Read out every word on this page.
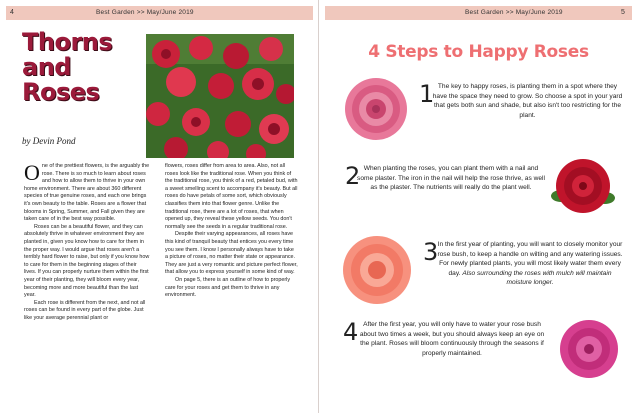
4	Best Garden >> May/June 2019
Thorns
and
Roses
by Devin Pond

One of the prettiest flowers, is the arguably the rose. There is so much to learn about roses and how to allow them to thrive in your own home environment. There are about 360 different species of true genuine roses, and each one brings it's own beauty to the table. Roses are a flower that blooms in Spring, Summer, and Fall given they are taken care of in the best way possible.

Roses can be a beautiful flower, and they can absolutely thrive in whatever environment they are planted in, given you know how to care for them in the proper way. I would argue that roses aren't a terribly hard flower to raise, but only if you know how to care for them in the beginning stages of their lives. If you can properly nurture them within the first year of their planting, they will bloom every year, becoming more and more beautiful than the last year.

Each rose is different from the next, and not all roses can be found in every part of the globe. Just like your average perennial plant or

flowers, roses differ from area to area. Also, not all roses look like the traditional rose. When you think of the traditional rose, you think of a red, petaled bud, with a sweet smelling scent to accompany it's beauty. But all roses do have petals of some sort, which obviously classifies them into that flower genre. Unlike the traditional rose, there are a lot of roses, that when opened up, they reveal these yellow seeds. You don't normally see the seeds in a regular traditional rose.

Despite their varying appearances, all roses have this kind of tranquil beauty that entices you every time you see them. I know I personally always have to take a picture of roses, no matter their state or appearance. They are just a very romantic and picture perfect flower, that allow you to express yourself in some kind of way.

On page 5, there is an outline of how to properly care for your roses and get them to thrive in any environment.

Best Garden >> May/June 2019	5
4 Steps to Happy Roses
1 The key to happy roses, is planting them in a spot where they have the space they need to grow. So choose a spot in your yard that gets both sun and shade, but also isn't too restricting for the plant.
2 When planting the roses, you can plant them with a nail and some plaster. The iron in the nail will help the rose thrive, as well as the plaster. The nutrients will really do the plant well.
3 In the first year of planting, you will want to closely monitor your rose bush, to keep a handle on wilting and any watering issues. For newly planted plants, you will most likely water them every day. Also surrounding the roses with mulch will maintain moisture longer.
4 After the first year, you will only have to water your rose bush about two times a week, but you should always keep an eye on the plant. Roses will bloom continuously through the seasons if properly maintained.
